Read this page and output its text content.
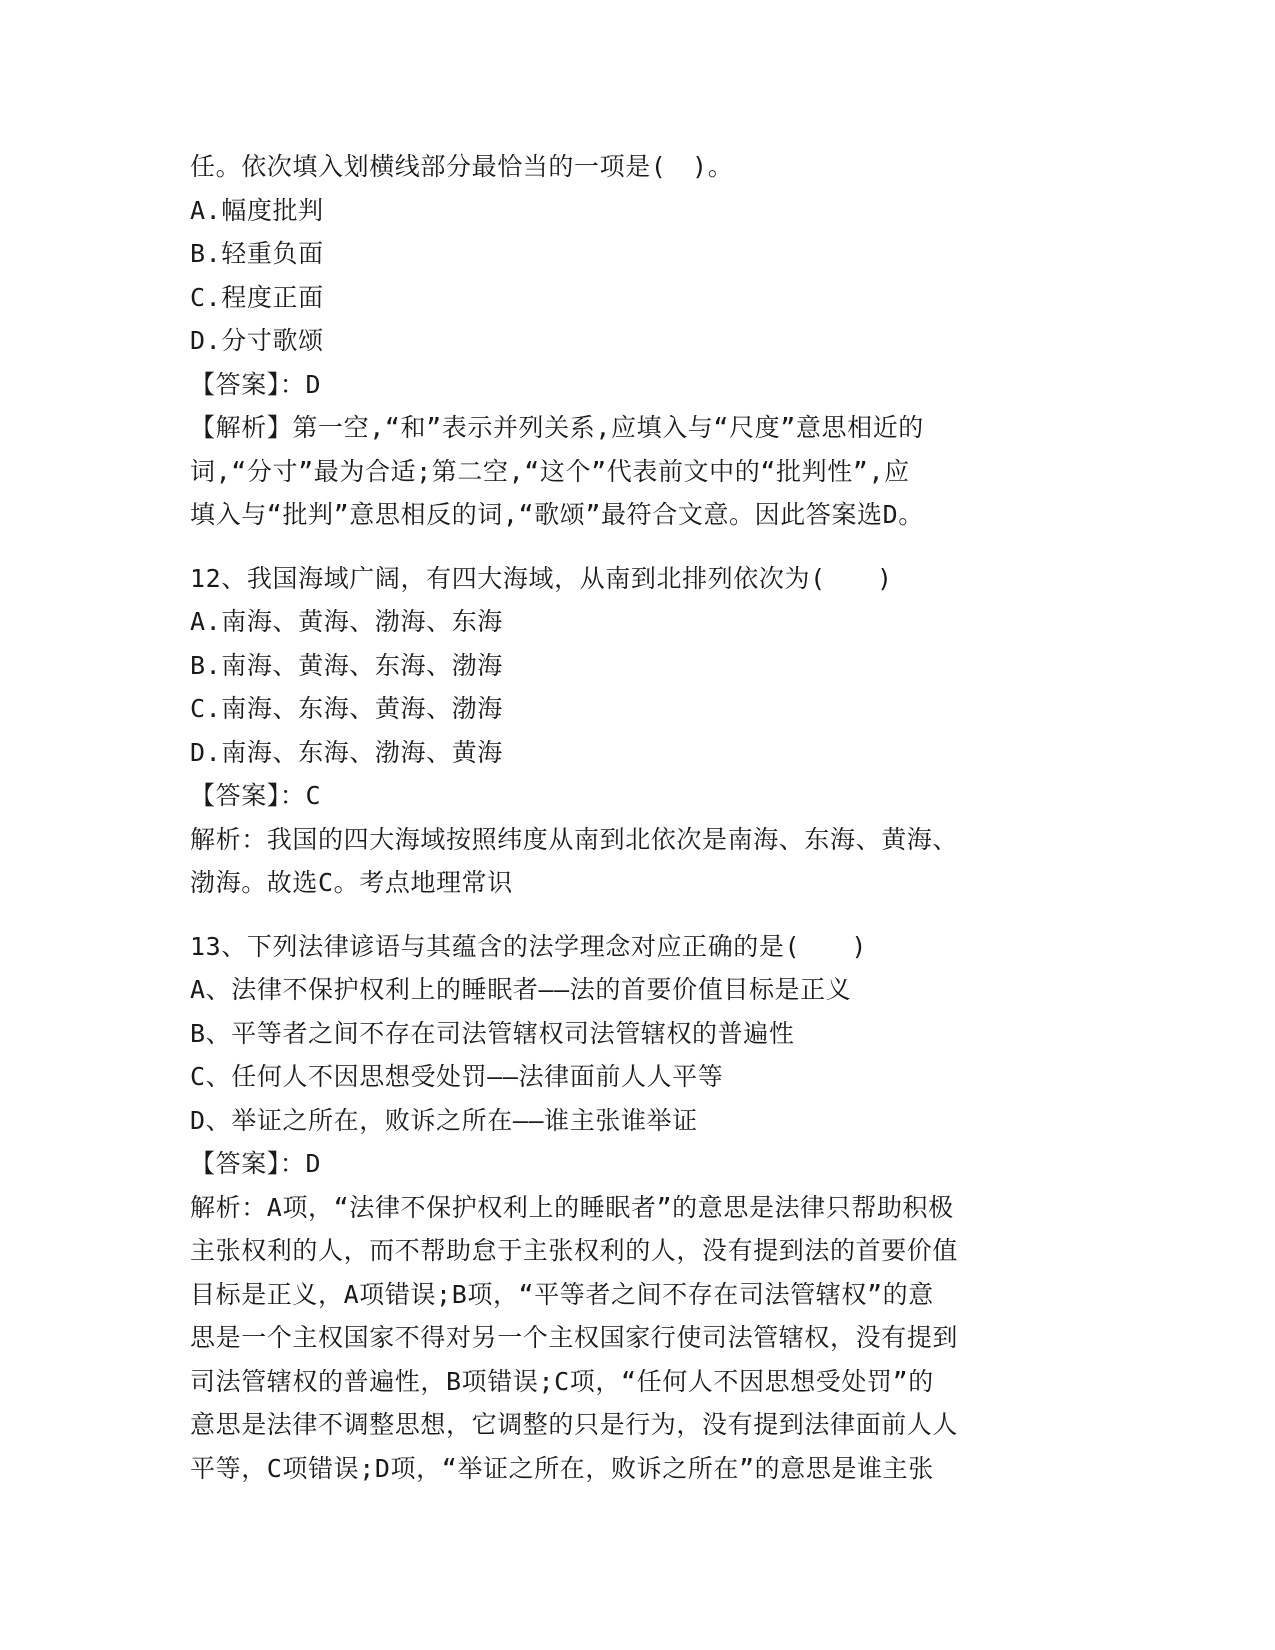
任。依次填入划横线部分最恰当的一项是(　)。
A.幅度批判
B.轻重负面
C.程度正面
D.分寸歌颂
【答案】：D
【解析】第一空,“和”表示并列关系,应填入与“尺度”意思相近的
词,“分寸”最为合适;第二空,“这个”代表前文中的“批判性”,应
填入与“批判”意思相反的词,“歌颂”最符合文意。因此答案选D。
12、我国海域广阔，有四大海域，从南到北排列依次为(　　)
A.南海、黄海、渤海、东海
B.南海、黄海、东海、渤海
C.南海、东海、黄海、渤海
D.南海、东海、渤海、黄海
【答案】：C
解析：我国的四大海域按照纬度从南到北依次是南海、东海、黄海、
渤海。故选C。考点地理常识
13、下列法律谚语与其蕴含的法学理念对应正确的是(　　)
A、法律不保护权利上的睡眠者——法的首要价值目标是正义
B、平等者之间不存在司法管辖权司法管辖权的普遍性
C、任何人不因思想受处罚——法律面前人人平等
D、举证之所在，败诉之所在——谁主张谁举证
【答案】：D
解析：A项，“法律不保护权利上的睡眠者”的意思是法律只帮助积极
主张权利的人，而不帮助怠于主张权利的人，没有提到法的首要价值
目标是正义，A项错误;B项，“平等者之间不存在司法管辖权”的意
思是一个主权国家不得对另一个主权国家行使司法管辖权，没有提到
司法管辖权的普遍性，B项错误;C项，“任何人不因思想受处罚”的
意思是法律不调整思想，它调整的只是行为，没有提到法律面前人人
平等，C项错误;D项，“举证之所在，败诉之所在”的意思是谁主张
